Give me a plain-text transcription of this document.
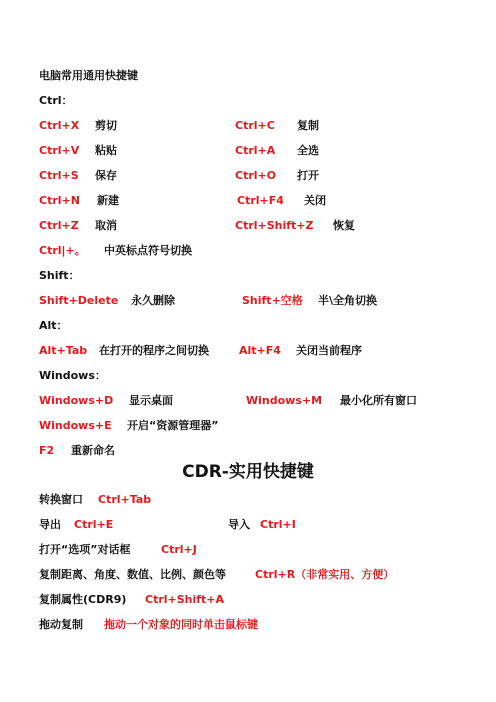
电脑常用通用快捷键
Ctrl：
Ctrl+X 剪切	Ctrl+C 复制
Ctrl+V 粘贴	Ctrl+A 全选
Ctrl+S 保存	Ctrl+O 打开
Ctrl+N 新建	Ctrl+F4 关闭
Ctrl+Z 取消	Ctrl+Shift+Z 恢复
Ctrl|+。 中英标点符号切换
Shift：
Shift+Delete 永久删除	Shift+空格 半\全角切换
Alt：
Alt+Tab 在打开的程序之间切换	Alt+F4 关闭当前程序
Windows：
Windows+D 显示桌面	Windows+M 最小化所有窗口
Windows+E 开启“资源管理器”
F2 重新命名
CDR-实用快捷键
转换窗口 Ctrl+Tab
导出 Ctrl+E	导入 Ctrl+I
打开“选项”对话框	Ctrl+J
复制距离、角度、数值、比例、颜色等	Ctrl+R（非常实用、方便）
复制属性(CDR9) Ctrl+Shift+A
拖动复制 拖动一个对象的同时单击鼠标键
